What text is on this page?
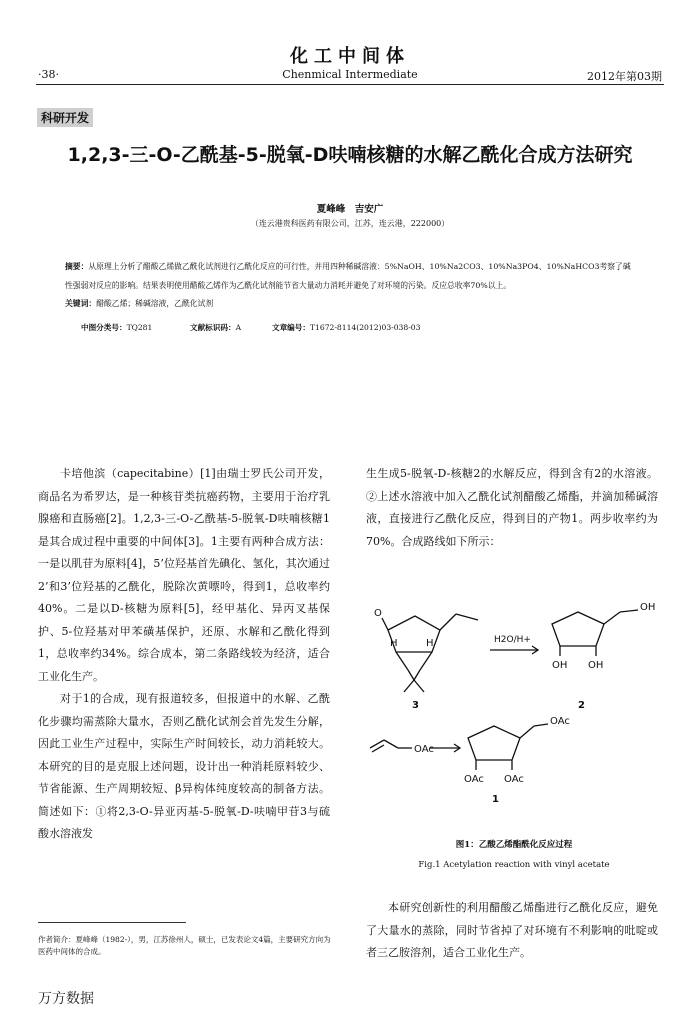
化工中间体
·38·	Chenmical Intermediate	2012年第03期
科研开发
1,2,3-三-O-乙酰基-5-脱氧-D呋喃核糖的水解乙酰化合成方法研究
夏峰峰　吉安广
（连云港贵科医药有限公司，江苏，连云港，222000）
摘要：从原理上分析了醋酸乙烯做乙酰化试剂进行乙酰化反应的可行性，并用四种稀碱溶液：5%NaOH、10%Na2CO3、10%Na3PO4、10%NaHCO3考察了碱性强弱对反应的影响。结果表明使用醋酸乙烯作为乙酰化试剂能节省大量动力消耗并避免了对环境的污染。反应总收率70%以上。
关键词：醋酸乙烯；稀碱溶液，乙酰化试剂
中图分类号：TQ281	文献标识码：A	文章编号：T1672-8114(2012)03-038-03

卡培他滨（capecitabine）[1]由瑞士罗氏公司开发，商品名为希罗达，是一种核苷类抗癌药物，主要用于治疗乳腺癌和直肠癌[2]。1,2,3-三-O-乙酰基-5-脱氧-D呋喃核糖1是其合成过程中重要的中间体[3]。1主要有两种合成方法：一是以肌苷为原料[4]，5’位羟基首先碘化、氢化，其次通过2’和3’位羟基的乙酰化，脱除次黄嘌呤，得到1，总收率约40%。二是以D-核糖为原料[5]，经甲基化、异丙叉基保护、5-位羟基对甲苯磺基保护，还原、水解和乙酰化得到1，总收率约34%。综合成本，第二条路线较为经济，适合工业化生产。

对于1的合成，现有报道较多，但报道中的水解、乙酰化步骤均需蒸除大量水，否则乙酰化试剂会首先发生分解，因此工业生产过程中，实际生产时间较长，动力消耗较大。本研究的目的是克服上述问题，设计出一种消耗原料较少、节省能源、生产周期较短、β异构体纯度较高的制备方法。简述如下：①将2,3-O-异亚丙基-5-脱氧-D-呋喃甲苷3与硫酸水溶液发

生生成5-脱氧-D-核糖2的水解反应，得到含有2的水溶液。②上述水溶液中加入乙酰化试剂醋酸乙烯酯，并滴加稀碱溶液，直接进行乙酰化反应，得到目的产物1。两步收率约为70%。合成路线如下所示：

O
H	H
3
H2O/H+
OH
OH OH
2
OAc
OAc
OAc OAc
1
图1：乙酸乙烯酯酰化反应过程
Fig.1 Acetylation reaction with vinyl acetate

本研究创新性的利用醋酸乙烯酯进行乙酰化反应，避免了大量水的蒸除，同时节省掉了对环境有不利影响的吡啶或者三乙胺溶剂，适合工业化生产。

作者简介：夏峰峰（1982-），男，江苏徐州人，硕士，已发表论文4篇，主要研究方向为医药中间体的合成。
万方数据
